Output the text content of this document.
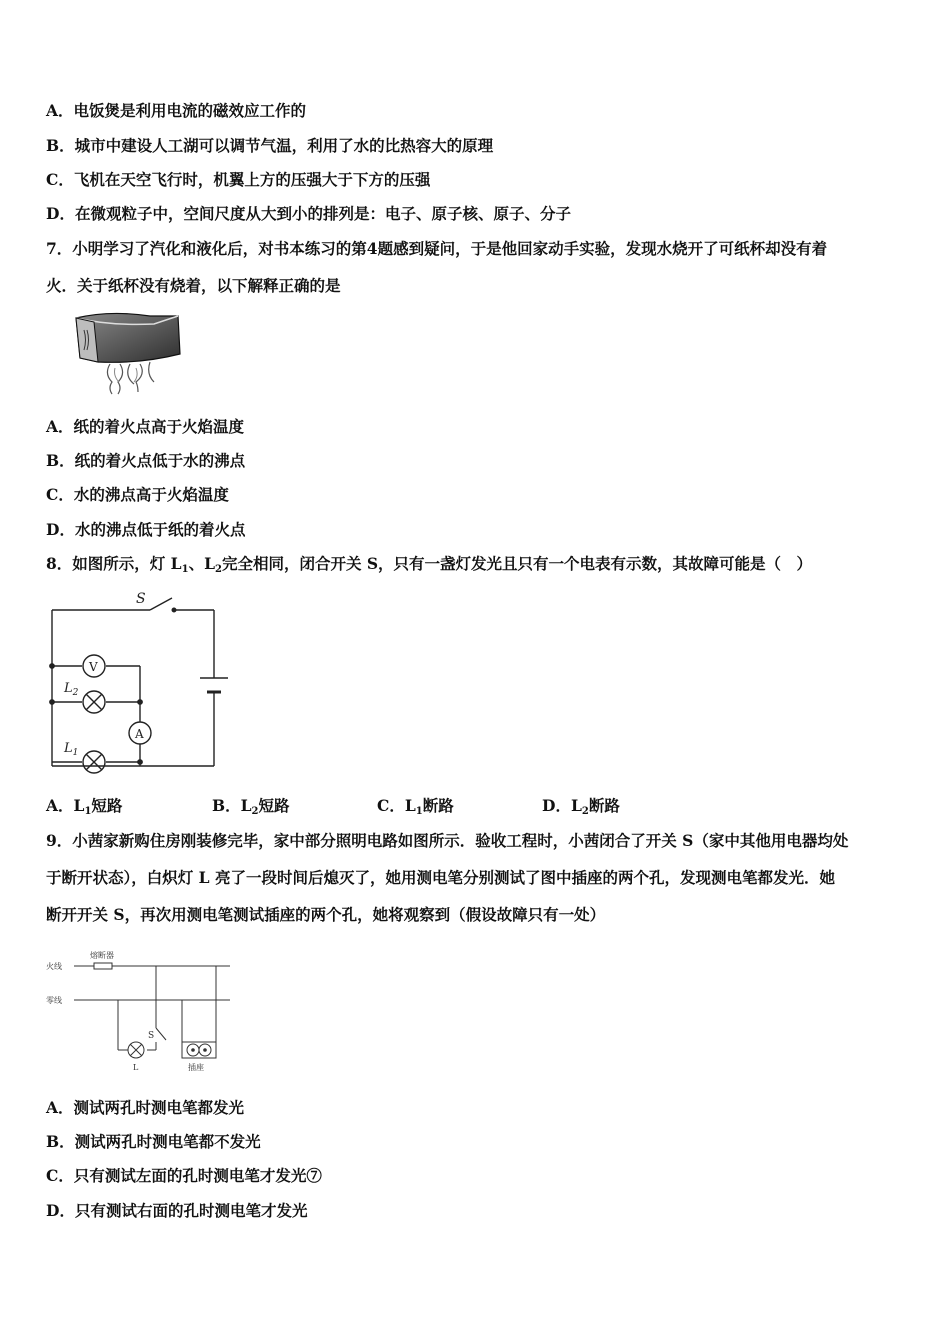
A．电饭煲是利用电流的磁效应工作的
B．城市中建设人工湖可以调节气温，利用了水的比热容大的原理
C．飞机在天空飞行时，机翼上方的压强大于下方的压强
D．在微观粒子中，空间尺度从大到小的排列是：电子、原子核、原子、分子
7．小明学习了汽化和液化后，对书本练习的第4题感到疑问，于是他回家动手实验，发现水烧开了可纸杯却没有着
火．关于纸杯没有烧着，以下解释正确的是
A．纸的着火点高于火焰温度
B．纸的着火点低于水的沸点
C．水的沸点高于火焰温度
D．水的沸点低于纸的着火点
8．如图所示，灯 $L_1$、$L_2$完全相同，闭合开关 S，只有一盏灯发光且只有一个电表有示数，其故障可能是（　）
S
V
A
$L_2$
$L_1$
A．$L_1$短路	B．$L_2$短路	C．$L_1$断路	D．$L_2$断路
9．小茜家新购住房刚装修完毕，家中部分照明电路如图所示．验收工程时，小茜闭合了开关 S（家中其他用电器均处
于断开状态），白炽灯 L 亮了一段时间后熄灭了，她用测电笔分别测试了图中插座的两个孔，发现测电笔都发光．她
断开开关 S，再次用测电笔测试插座的两个孔，她将观察到（假设故障只有一处）
火线
零线
熔断器
S
L	插座
A．测试两孔时测电笔都发光
B．测试两孔时测电笔都不发光
C．只有测试左面的孔时测电笔才发光⑦
D．只有测试右面的孔时测电笔才发光
